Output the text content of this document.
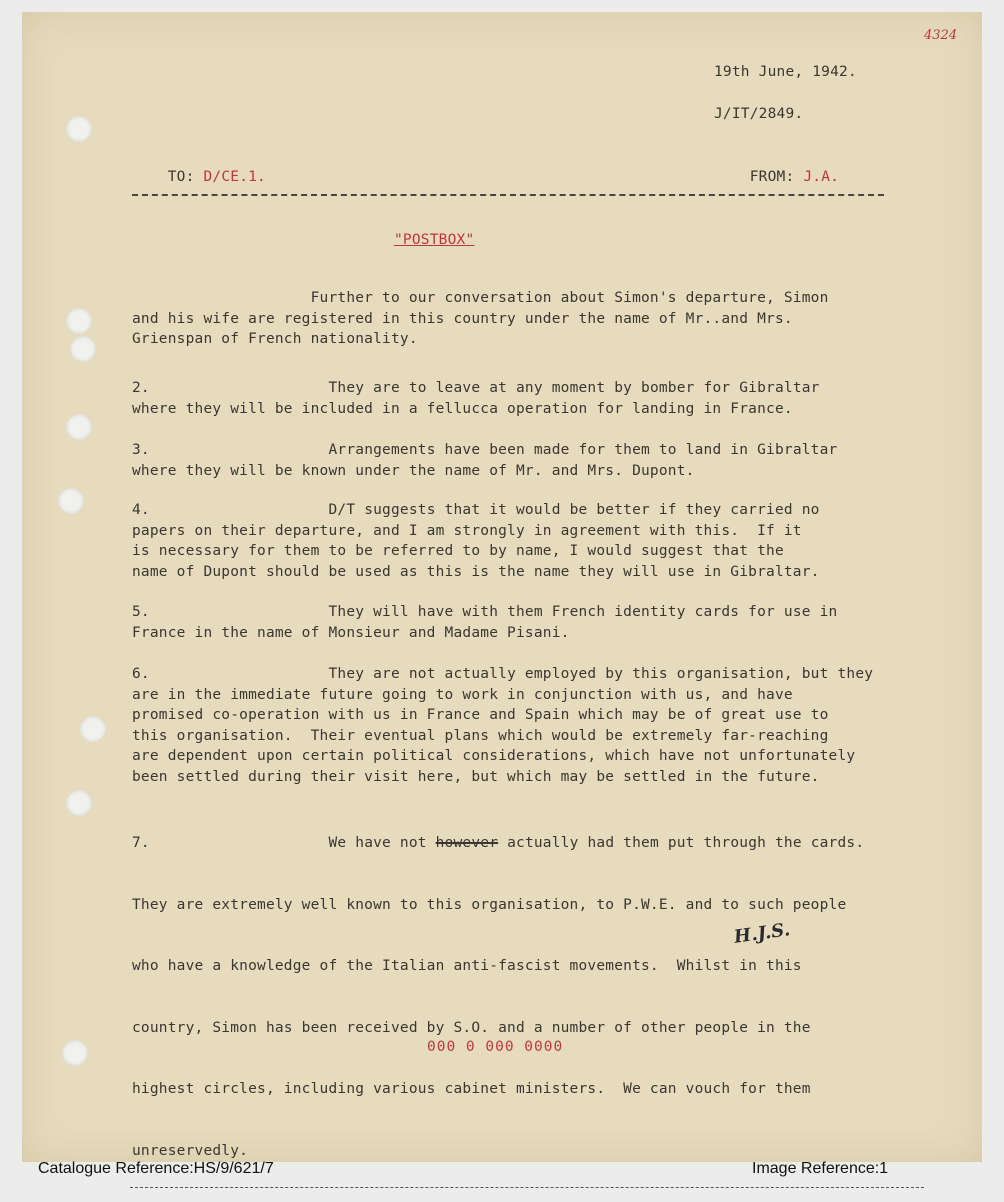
4324
19th June, 1942.
J/IT/2849.

TO: D/CE.1.
	FROM: J.A.

"POSTBOX"
Further to our conversation about Simon's departure, Simon
and his wife are registered in this country under the name of Mr..and Mrs.
Grienspan of French nationality.
2.                    They are to leave at any moment by bomber for Gibraltar
where they will be included in a fellucca operation for landing in France.
3.                    Arrangements have been made for them to land in Gibraltar
where they will be known under the name of Mr. and Mrs. Dupont.
4.                    D/T suggests that it would be better if they carried no
papers on their departure, and I am strongly in agreement with this.  If it
is necessary for them to be referred to by name, I would suggest that the
name of Dupont should be used as this is the name they will use in Gibraltar.
5.                    They will have with them French identity cards for use in
France in the name of Monsieur and Madame Pisani.
6.                    They are not actually employed by this organisation, but they
are in the immediate future going to work in conjunction with us, and have
promised co-operation with us in France and Spain which may be of great use to
this organisation.  Their eventual plans which would be extremely far-reaching
are dependent upon certain political considerations, which have not unfortunately
been settled during their visit here, but which may be settled in the future.

7.                    We have not however actually had them put through the cards.

They are extremely well known to this organisation, to P.W.E. and to such people

who have a knowledge of the Italian anti-fascist movements.  Whilst in this

country, Simon has been received by S.O. and a number of other people in the

highest circles, including various cabinet ministers.  We can vouch for them

unreservedly.

H.J.S.
000 0 000 0000
Catalogue Reference:HS/9/621/7	Image Reference:1
